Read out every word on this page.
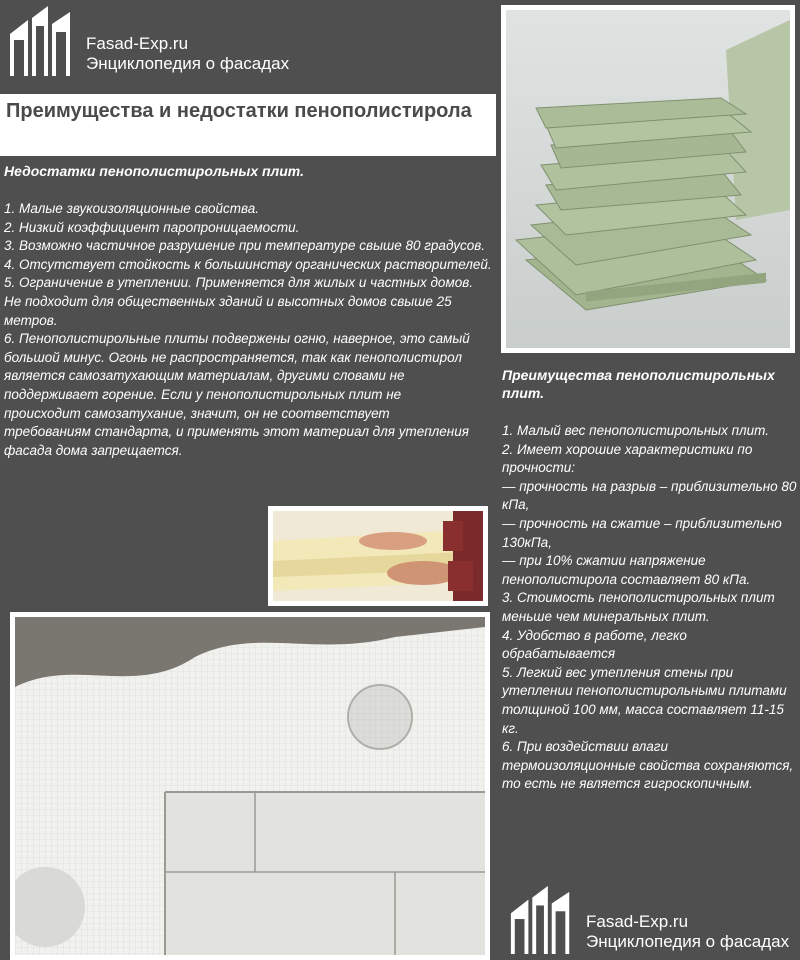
Fasad-Exp.ru
Энциклопедия о фасадах
Преимущества и недостатки пенополистирола
Недостатки пенополистирольных плит.
1. Малые звукоизоляционные свойства.
2. Низкий коэффициент паропроницаемости.
3. Возможно частичное разрушение при температуре свыше 80 градусов.
4. Отсутствует стойкость к большинству органических растворителей.
5. Ограничение в утеплении. Применяется для жилых и частных домов. Не подходит для общественных зданий и высотных домов свыше 25 метров.
6. Пенополистирольные плиты подвержены огню, наверное, это самый большой минус. Огонь не распространяется, так как пенополистирол является самозатухающим материалам, другими словами не поддерживает горение. Если у пенополистирольных плит не происходит самозатухание, значит, он не соответствует требованиям стандарта, и применять этот материал для утепления фасада дома запрещается.
Преимущества пенополистирольных плит.
1. Малый вес пенополистирольных плит.
2. Имеет хорошие характеристики по прочности:
— прочность на разрыв – приблизительно 80 кПа,
— прочность на сжатие – приблизительно 130кПа,
— при 10% сжатии напряжение пенополистирола составляет 80 кПа.
3. Стоимость пенополистирольных плит меньше чем минеральных плит.
4. Удобство в работе, легко обрабатывается
5. Легкий вес утепления стены при утеплении пенополистирольными плитами толщиной 100 мм, масса составляет 11-15 кг.
6. При воздействии влаги термоизоляционные свойства сохраняются, то есть не является гигроскопичным.
Fasad-Exp.ru
Энциклопедия о фасадах
